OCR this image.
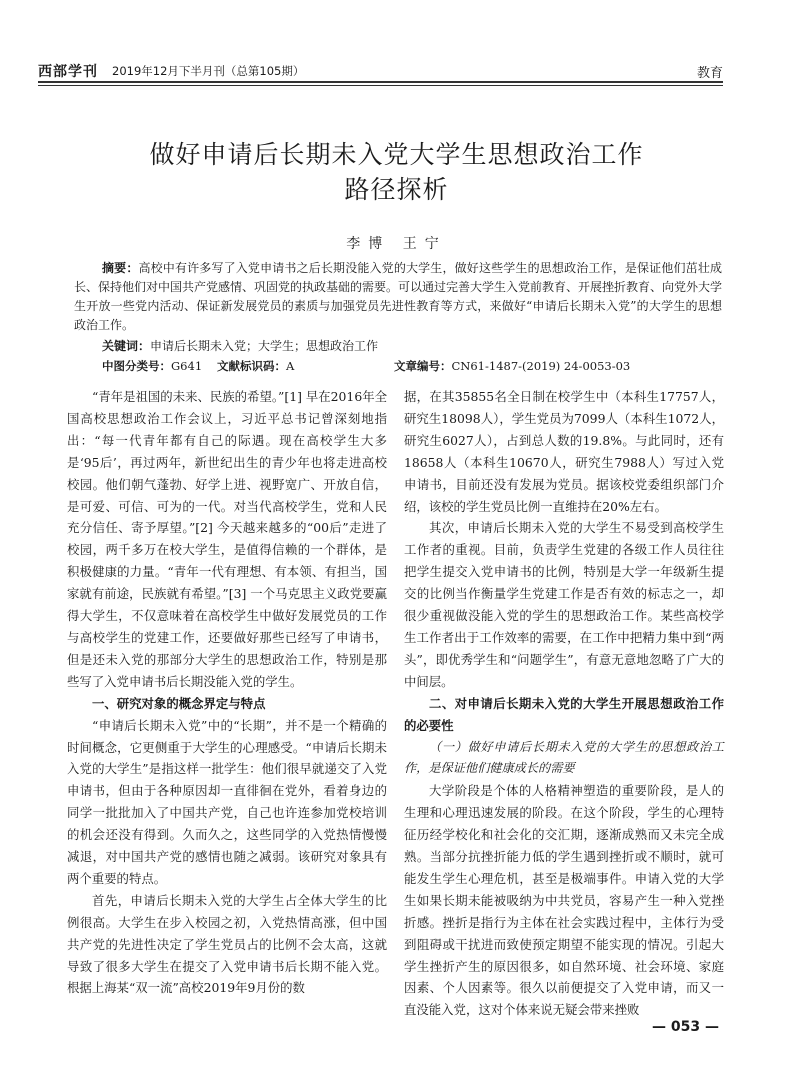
西部学刊 2019年12月下半月刊（总第105期）	教育
做好申请后长期未入党大学生思想政治工作
路径探析
李博 王宁
摘要：高校中有许多写了入党申请书之后长期没能入党的大学生，做好这些学生的思想政治工作，是保证他们茁壮成长、保持他们对中国共产党感情、巩固党的执政基础的需要。可以通过完善大学生入党前教育、开展挫折教育、向党外大学生开放一些党内活动、保证新发展党员的素质与加强党员先进性教育等方式，来做好“申请后长期未入党”的大学生的思想政治工作。
关键词：申请后长期未入党；大学生；思想政治工作
中图分类号：G641 文献标识码：A	文章编号：CN61-1487-(2019) 24-0053-03

“青年是祖国的未来、民族的希望。”[1] 早在2016年全国高校思想政治工作会议上，习近平总书记曾深刻地指出：“每一代青年都有自己的际遇。现在高校学生大多是‘95后’，再过两年，新世纪出生的青少年也将走进高校校园。他们朝气蓬勃、好学上进、视野宽广、开放自信，是可爱、可信、可为的一代。对当代高校学生，党和人民充分信任、寄予厚望。”[2] 今天越来越多的“00后”走进了校园，两千多万在校大学生，是值得信赖的一个群体，是积极健康的力量。“青年一代有理想、有本领、有担当，国家就有前途，民族就有希望。”[3] 一个马克思主义政党要赢得大学生，不仅意味着在高校学生中做好发展党员的工作与高校学生的党建工作，还要做好那些已经写了申请书，但是还未入党的那部分大学生的思想政治工作，特别是那些写了入党申请书后长期没能入党的学生。

一、研究对象的概念界定与特点

“申请后长期未入党”中的“长期”，并不是一个精确的时间概念，它更侧重于大学生的心理感受。“申请后长期未入党的大学生”是指这样一批学生：他们很早就递交了入党申请书，但由于各种原因却一直徘徊在党外，看着身边的同学一批批加入了中国共产党，自己也许连参加党校培训的机会还没有得到。久而久之，这些同学的入党热情慢慢减退，对中国共产党的感情也随之减弱。该研究对象具有两个重要的特点。

首先，申请后长期未入党的大学生占全体大学生的比例很高。大学生在步入校园之初，入党热情高涨，但中国共产党的先进性决定了学生党员占的比例不会太高，这就导致了很多大学生在提交了入党申请书后长期不能入党。根据上海某“双一流”高校2019年9月份的数

据，在其35855名全日制在校学生中（本科生17757人，研究生18098人），学生党员为7099人（本科生1072人，研究生6027人），占到总人数的19.8%。与此同时，还有18658人（本科生10670人，研究生7988人）写过入党申请书，目前还没有发展为党员。据该校党委组织部门介绍，该校的学生党员比例一直维持在20%左右。

其次，申请后长期未入党的大学生不易受到高校学生工作者的重视。目前，负责学生党建的各级工作人员往往把学生提交入党申请书的比例，特别是大学一年级新生提交的比例当作衡量学生党建工作是否有效的标志之一，却很少重视做没能入党的学生的思想政治工作。某些高校学生工作者出于工作效率的需要，在工作中把精力集中到“两头”，即优秀学生和“问题学生”，有意无意地忽略了广大的中间层。

二、对申请后长期未入党的大学生开展思想政治工作的必要性
（一）做好申请后长期未入党的大学生的思想政治工作，是保证他们健康成长的需要

大学阶段是个体的人格精神塑造的重要阶段，是人的生理和心理迅速发展的阶段。在这个阶段，学生的心理特征历经学校化和社会化的交汇期，逐渐成熟而又未完全成熟。当部分抗挫折能力低的学生遇到挫折或不顺时，就可能发生学生心理危机，甚至是极端事件。申请入党的大学生如果长期未能被吸纳为中共党员，容易产生一种入党挫折感。挫折是指行为主体在社会实践过程中，主体行为受到阻碍或干扰进而致使预定期望不能实现的情况。引起大学生挫折产生的原因很多，如自然环境、社会环境、家庭因素、个人因素等。很久以前便提交了入党申请，而又一直没能入党，这对个体来说无疑会带来挫败

— 053 —
